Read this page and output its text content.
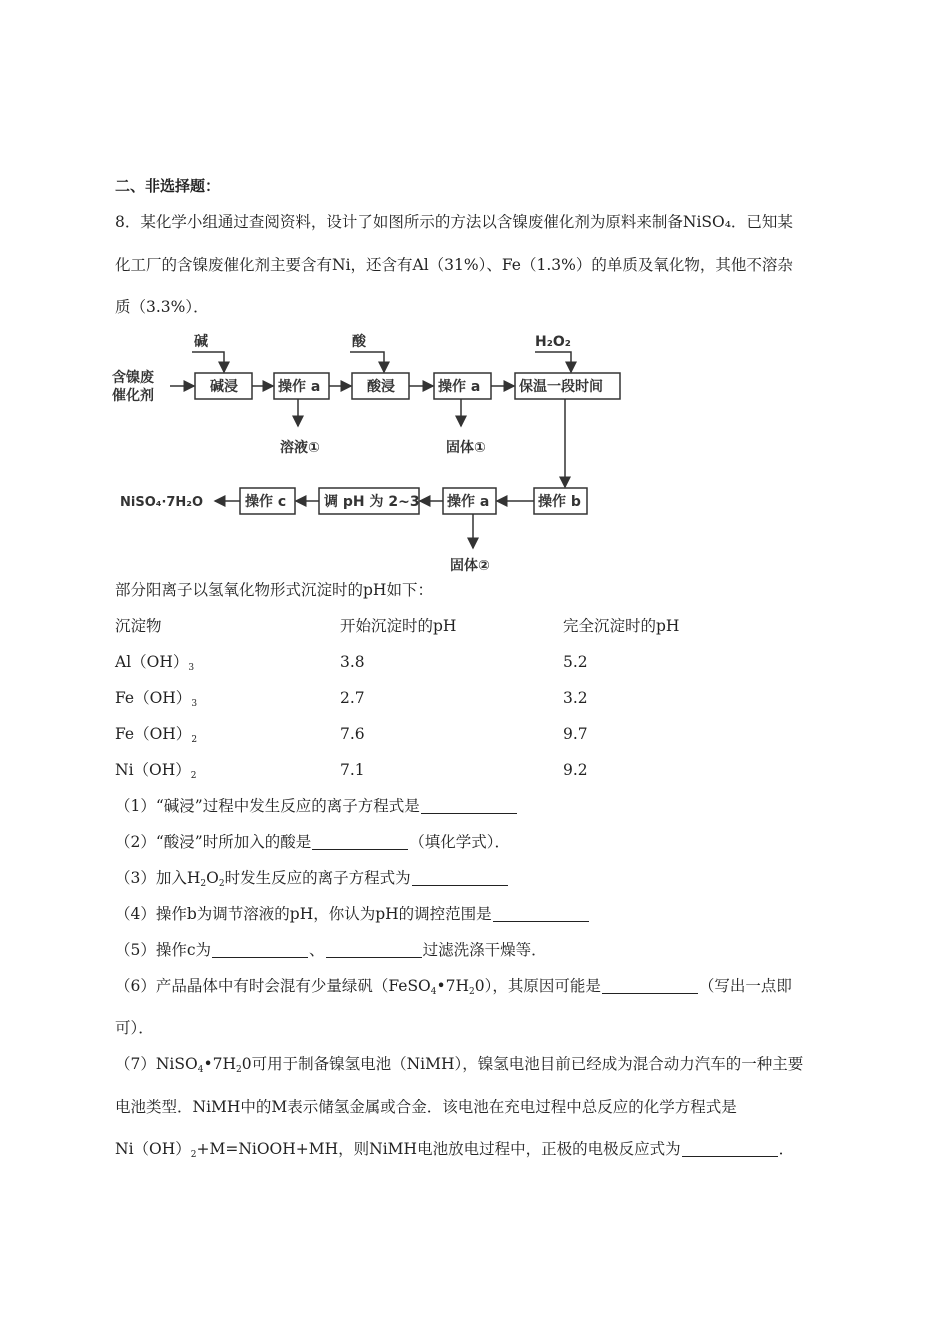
二、非选择题：
8．某化学小组通过查阅资料，设计了如图所示的方法以含镍废催化剂为原料来制备NiSO₄．已知某
化工厂的含镍废催化剂主要含有Ni，还含有Al（31%）、Fe（1.3%）的单质及氧化物，其他不溶杂
质（3.3%）．
含镍废
催化剂
碱	酸	H₂O₂
碱浸	操作 a	酸浸	操作 a	保温一段时间
溶液①	固体①
操作 b
操作 a
调 pH 为 2~3
操作 c
NiSO₄·7H₂O
固体②
部分阳离子以氢氧化物形式沉淀时的pH如下：
沉淀物	开始沉淀时的pH	完全沉淀时的pH
$Al(OH)_3$	3.8	5.2
$Fe(OH)_3$	2.7	3.2
$Fe(OH)_2$	7.6	9.7
$Ni(OH)_2$	7.1	9.2
（1）“碱浸”过程中发生反应的离子方程式是
（2）“酸浸”时所加入的酸是	（填化学式）．
（3）加入$H_2O_2$时发生反应的离子方程式为
（4）操作b为调节溶液的pH，你认为pH的调控范围是
（5）操作c为	、	过滤洗涤干燥等．
（6）产品晶体中有时会混有少量绿矾$(FeSO_4•7H_20)$，其原因可能是	（写出一点即
可）．
$(7)NiSO_4•7H_20$可用于制备镍氢电池（NiMH），镍氢电池目前已经成为混合动力汽车的一种主要
电池类型．NiMH中的M表示储氢金属或合金．该电池在充电过程中总反应的化学方程式是
$Ni(OH)_2+M=NiOOH+MH$，则NiMH电池放电过程中，正极的电极反应式为	．
